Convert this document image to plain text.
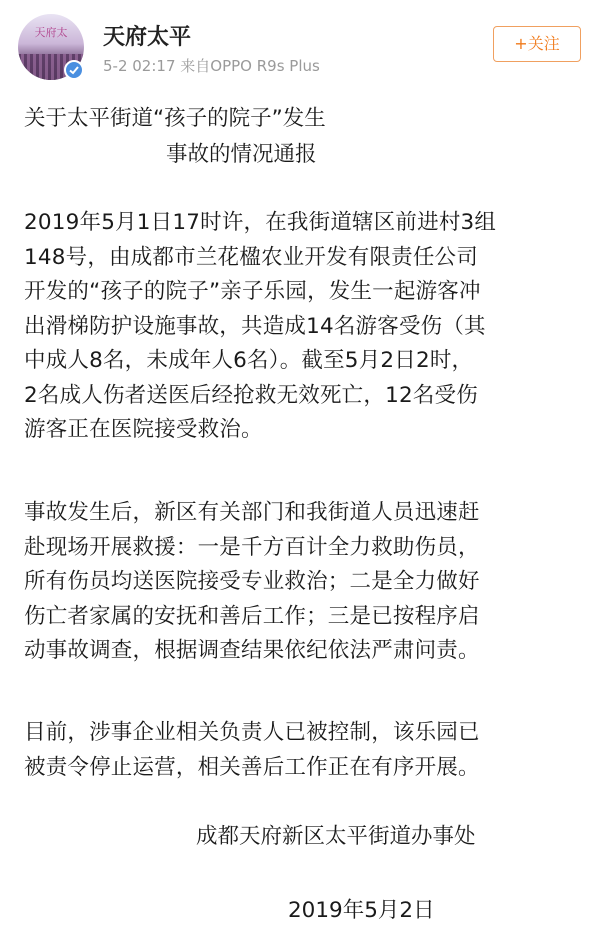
天府太	天府太平
5-2 02:17 来自OPPO R9s Plus
+关注
关于太平街道“孩子的院子”发生
事故的情况通报
2019年5月1日17时许，在我街道辖区前进村3组
148号，由成都市兰花楹农业开发有限责任公司
开发的“孩子的院子”亲子乐园，发生一起游客冲
出滑梯防护设施事故，共造成14名游客受伤（其
中成人8名，未成年人6名）。截至5月2日2时，
2名成人伤者送医后经抢救无效死亡，12名受伤
游客正在医院接受救治。
事故发生后，新区有关部门和我街道人员迅速赶
赴现场开展救援：一是千方百计全力救助伤员，
所有伤员均送医院接受专业救治；二是全力做好
伤亡者家属的安抚和善后工作；三是已按程序启
动事故调查，根据调查结果依纪依法严肃问责。
目前，涉事企业相关负责人已被控制，该乐园已
被责令停止运营，相关善后工作正在有序开展。
成都天府新区太平街道办事处
2019年5月2日
